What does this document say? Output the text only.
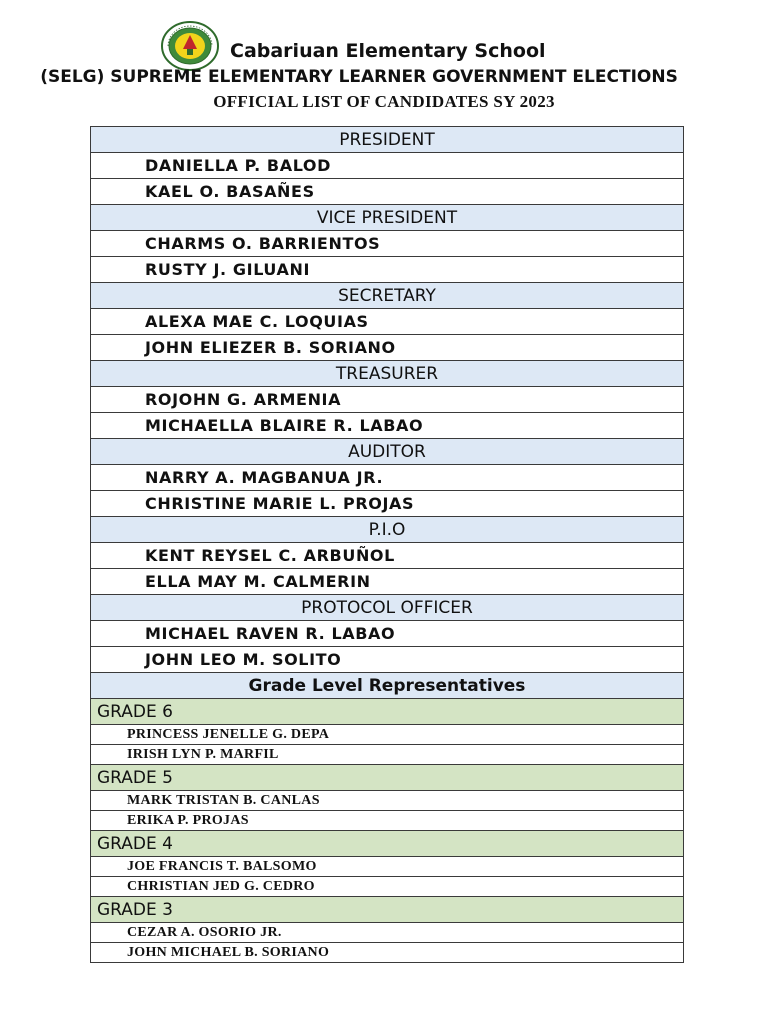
Cabariuan Elementary School
(SELG) SUPREME ELEMENTARY LEARNER GOVERNMENT ELECTIONS
OFFICIAL LIST OF CANDIDATES SY 2023
PRESIDENT
DANIELLA P. BALOD
KAEL O. BASAÑES
VICE PRESIDENT
CHARMS O. BARRIENTOS
RUSTY J. GILUANI
SECRETARY
ALEXA MAE C. LOQUIAS
JOHN ELIEZER B. SORIANO
TREASURER
ROJOHN G. ARMENIA
MICHAELLA BLAIRE R. LABAO
AUDITOR
NARRY A. MAGBANUA JR.
CHRISTINE MARIE L. PROJAS
P.I.O
KENT REYSEL C. ARBUÑOL
ELLA MAY M. CALMERIN
PROTOCOL OFFICER
MICHAEL RAVEN R. LABAO
JOHN LEO M. SOLITO
Grade Level Representatives
GRADE 6
PRINCESS JENELLE G. DEPA
IRISH LYN P. MARFIL
GRADE 5
MARK TRISTAN B. CANLAS
ERIKA P. PROJAS
GRADE 4
JOE FRANCIS T. BALSOMO
CHRISTIAN JED G. CEDRO
GRADE 3
CEZAR A. OSORIO JR.
JOHN MICHAEL B. SORIANO
